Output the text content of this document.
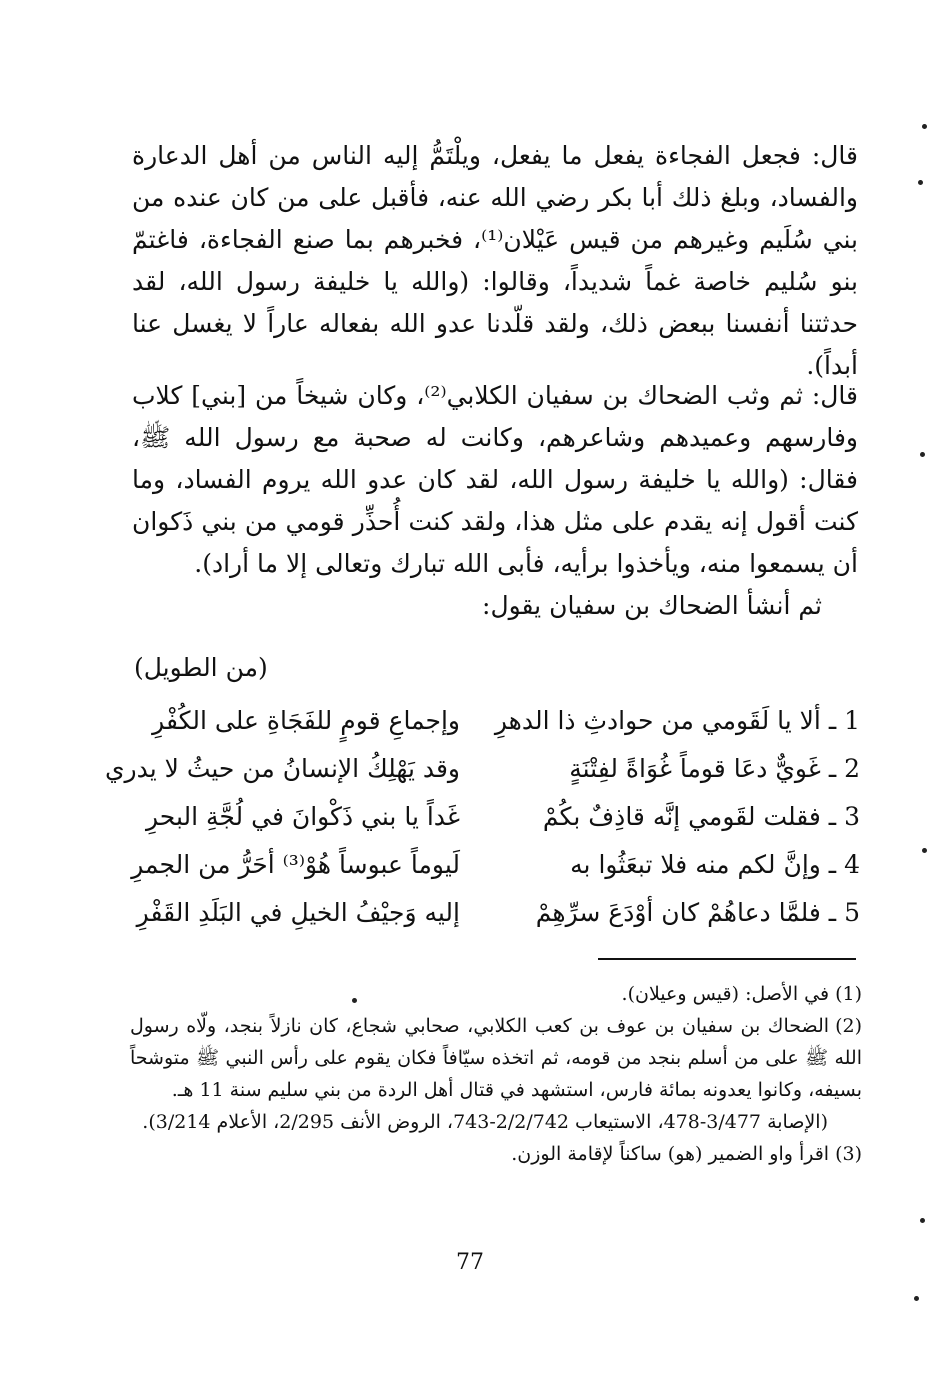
قال: فجعل الفجاءة يفعل ما يفعل، ويلْتَمُّ إليه الناس من أهل الدعارة والفساد، وبلغ ذلك أبا بكر رضي الله عنه، فأقبل على من كان عنده من بني سُلَيم وغيرهم من قيس عَيْلان⁽¹⁾، فخبرهم بما صنع الفجاءة، فاغتمّ بنو سُليم خاصة غماً شديداً، وقالوا: (والله يا خليفة رسول الله، لقد حدثتنا أنفسنا ببعض ذلك، ولقد قلّدنا عدو الله بفعاله عاراً لا يغسل عنا أبداً).

قال: ثم وثب الضحاك بن سفيان الكلابي⁽²⁾، وكان شيخاً من [بني] كلاب وفارسهم وعميدهم وشاعرهم، وكانت له صحبة مع رسول الله ﷺ، فقال: (والله يا خليفة رسول الله، لقد كان عدو الله يروم الفساد، وما كنت أقول إنه يقدم على مثل هذا، ولقد كنت أُحذِّر قومي من بني ذَكوان أن يسمعوا منه، ويأخذوا برأيه، فأبى الله تبارك وتعالى إلا ما أراد).

ثم أنشأ الضحاك بن سفيان يقول:
(من الطويل)
1 ـ ألا يا لَقَومي من حوادثِ ذا الدهرِ
وإجماعِ قومٍ للفَجَاةِ على الكُفْرِ
2 ـ غَويٌّ دعَا قوماً غُوَاةً لفِتْنَةٍ
وقد يَهْلِكُ الإنسانُ من حيثُ لا يدري
3 ـ فقلت لقَومي إنَّه قاذِفٌ بكُمْ
غَداً يا بني ذَكْوانَ في لُجَّةِ البحرِ
4 ـ وإنَّ لكم منه فلا تبعَثُوا به
لَيوماً عبوساً هُوْ⁽³⁾ أحَرُّ من الجمرِ
5 ـ فلمَّا دعاهُمْ كان أوْدَعَ سرِّهِمْ
إليه وَجيْفُ الخيلِ في البَلَدِ القَفْرِ
(1)في الأصل: (قيس وعيلان).
(2)الضحاك بن سفيان بن عوف بن كعب الكلابي، صحابي شجاع، كان نازلاً بنجد، ولّاه رسول الله ﷺ على من أسلم بنجد من قومه، ثم اتخذه سيّافاً فكان يقوم على رأس النبي ﷺ متوشحاً بسيفه، وكانوا يعدونه بمائة فارس، استشهد في قتال أهل الردة من بني سليم سنة 11 هـ.
(الإصابة 3/477-478، الاستيعاب 2/2/742-743، الروض الأنف 2/295، الأعلام 3/214).
(3)اقرأ واو الضمير (هو) ساكناً لإقامة الوزن.
77
